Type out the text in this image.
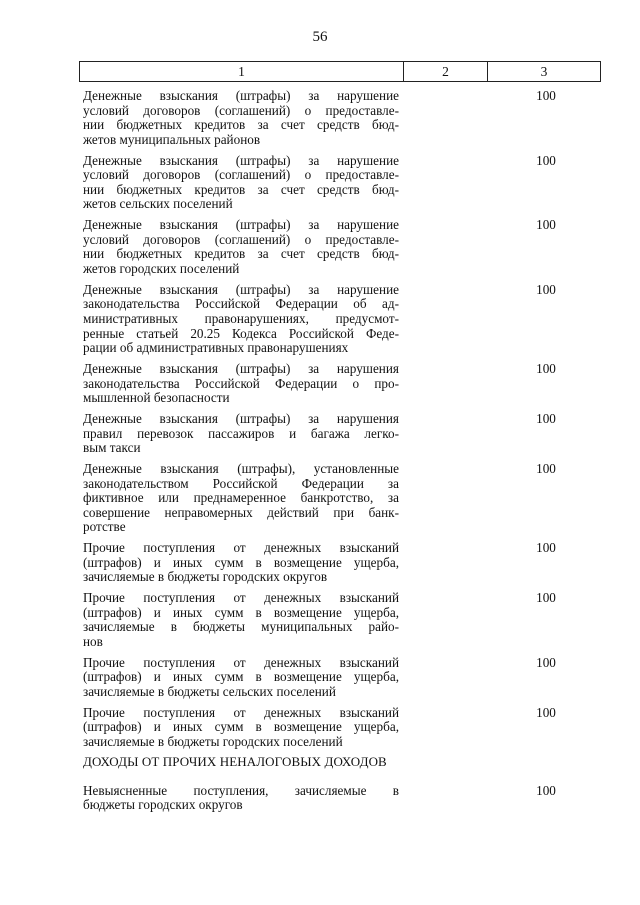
56
1	2	3
Денежные взыскания (штрафы) за нарушение
условий договоров (соглашений) о предоставле-
нии бюджетных кредитов за счет средств бюд-
жетов муниципальных районов
100
Денежные взыскания (штрафы) за нарушение
условий договоров (соглашений) о предоставле-
нии бюджетных кредитов за счет средств бюд-
жетов сельских поселений
100
Денежные взыскания (штрафы) за нарушение
условий договоров (соглашений) о предоставле-
нии бюджетных кредитов за счет средств бюд-
жетов городских поселений
100
Денежные взыскания (штрафы) за нарушение
законодательства Российской Федерации об ад-
министративных правонарушениях, предусмот-
ренные статьей 20.25 Кодекса Российской Феде-
рации об административных правонарушениях
100
Денежные взыскания (штрафы) за нарушения
законодательства Российской Федерации о про-
мышленной безопасности
100
Денежные взыскания (штрафы) за нарушения
правил перевозок пассажиров и багажа легко-
вым такси
100
Денежные взыскания (штрафы), установленные
законодательством Российской Федерации за
фиктивное или преднамеренное банкротство, за
совершение неправомерных действий при банк-
ротстве
100
Прочие поступления от денежных взысканий
(штрафов) и иных сумм в возмещение ущерба,
зачисляемые в бюджеты городских округов
100
Прочие поступления от денежных взысканий
(штрафов) и иных сумм в возмещение ущерба,
зачисляемые в бюджеты муниципальных райо-
нов
100
Прочие поступления от денежных взысканий
(штрафов) и иных сумм в возмещение ущерба,
зачисляемые в бюджеты сельских поселений
100
Прочие поступления от денежных взысканий
(штрафов) и иных сумм в возмещение ущерба,
зачисляемые в бюджеты городских поселений
100
ДОХОДЫ ОТ ПРОЧИХ НЕНАЛОГОВЫХ ДОХОДОВ
Невыясненные поступления, зачисляемые в
бюджеты городских округов
100
